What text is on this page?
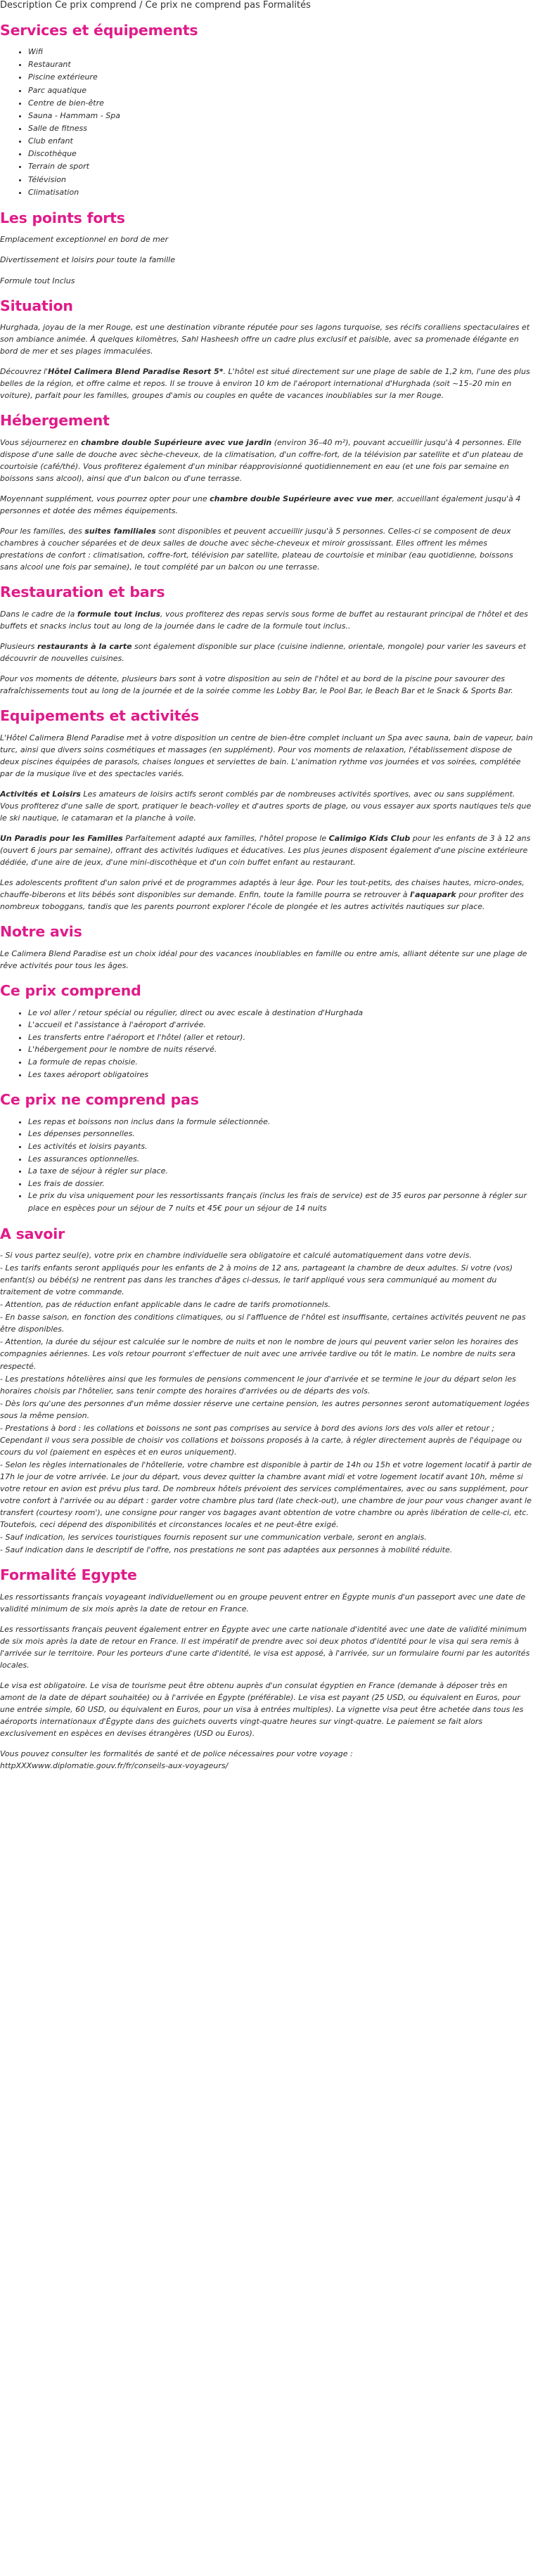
Description Ce prix comprend / Ce prix ne comprend pas Formalités
Services et équipements
• Wifi
• Restaurant
• Piscine extérieure
• Parc aquatique
• Centre de bien-être
• Sauna - Hammam - Spa
• Salle de fitness
• Club enfant
• Discothèque
• Terrain de sport
• Télévision
• Climatisation
Les points forts

Emplacement exceptionnel en bord de mer

Divertissement et loisirs pour toute la famille

Formule tout Inclus

Situation

Hurghada, joyau de la mer Rouge, est une destination vibrante réputée pour ses lagons turquoise, ses récifs coralliens spectaculaires et son ambiance animée. À quelques kilomètres, Sahl Hasheesh offre un cadre plus exclusif et paisible, avec sa promenade élégante en bord de mer et ses plages immaculées.

Découvrez l'Hôtel Calimera Blend Paradise Resort 5*. L'hôtel est situé directement sur une plage de sable de 1,2 km, l'une des plus belles de la région, et offre calme et repos. Il se trouve à environ 10 km de l'aéroport international d'Hurghada (soit ~15–20 min en voiture), parfait pour les familles, groupes d'amis ou couples en quête de vacances inoubliables sur la mer Rouge.

Hébergement

Vous séjournerez en chambre double Supérieure avec vue jardin (environ 36–40 m²), pouvant accueillir jusqu'à 4 personnes. Elle dispose d'une salle de douche avec sèche-cheveux, de la climatisation, d'un coffre-fort, de la télévision par satellite et d'un plateau de courtoisie (café/thé). Vous profiterez également d'un minibar réapprovisionné quotidiennement en eau (et une fois par semaine en boissons sans alcool), ainsi que d'un balcon ou d'une terrasse.

Moyennant supplément, vous pourrez opter pour une chambre double Supérieure avec vue mer, accueillant également jusqu'à 4 personnes et dotée des mêmes équipements.

Pour les familles, des suites familiales sont disponibles et peuvent accueillir jusqu'à 5 personnes. Celles-ci se composent de deux chambres à coucher séparées et de deux salles de douche avec sèche-cheveux et miroir grossissant. Elles offrent les mêmes prestations de confort : climatisation, coffre-fort, télévision par satellite, plateau de courtoisie et minibar (eau quotidienne, boissons sans alcool une fois par semaine), le tout complété par un balcon ou une terrasse.

Restauration et bars

Dans le cadre de la formule tout inclus, vous profiterez des repas servis sous forme de buffet au restaurant principal de l'hôtel et des buffets et snacks inclus tout au long de la journée dans le cadre de la formule tout inclus..

Plusieurs restaurants à la carte sont également disponible sur place (cuisine indienne, orientale, mongole) pour varier les saveurs et découvrir de nouvelles cuisines.

Pour vos moments de détente, plusieurs bars sont à votre disposition au sein de l'hôtel et au bord de la piscine pour savourer des rafraîchissements tout au long de la journée et de la soirée comme les Lobby Bar, le Pool Bar, le Beach Bar et le Snack & Sports Bar.

Equipements et activités

L'Hôtel Calimera Blend Paradise met à votre disposition un centre de bien-être complet incluant un Spa avec sauna, bain de vapeur, bain turc, ainsi que divers soins cosmétiques et massages (en supplément). Pour vos moments de relaxation, l'établissement dispose de deux piscines équipées de parasols, chaises longues et serviettes de bain. L'animation rythme vos journées et vos soirées, complétée par de la musique live et des spectacles variés.

Activités et Loisirs Les amateurs de loisirs actifs seront comblés par de nombreuses activités sportives, avec ou sans supplément. Vous profiterez d'une salle de sport, pratiquer le beach-volley et d'autres sports de plage, ou vous essayer aux sports nautiques tels que le ski nautique, le catamaran et la planche à voile.

Un Paradis pour les Familles Parfaitement adapté aux familles, l'hôtel propose le Calimigo Kids Club pour les enfants de 3 à 12 ans (ouvert 6 jours par semaine), offrant des activités ludiques et éducatives. Les plus jeunes disposent également d'une piscine extérieure dédiée, d'une aire de jeux, d'une mini-discothèque et d'un coin buffet enfant au restaurant.

Les adolescents profitent d'un salon privé et de programmes adaptés à leur âge. Pour les tout-petits, des chaises hautes, micro-ondes, chauffe-biberons et lits bébés sont disponibles sur demande. Enfin, toute la famille pourra se retrouver à l'aquapark pour profiter des nombreux toboggans, tandis que les parents pourront explorer l'école de plongée et les autres activités nautiques sur place.

Notre avis

Le Calimera Blend Paradise est un choix idéal pour des vacances inoubliables en famille ou entre amis, alliant détente sur une plage de rêve activités pour tous les âges.

Ce prix comprend
• Le vol aller / retour spécial ou régulier, direct ou avec escale à destination d'Hurghada
• L'accueil et l'assistance à l'aéroport d'arrivée.
• Les transferts entre l'aéroport et l'hôtel (aller et retour).
• L'hébergement pour le nombre de nuits réservé.
• La formule de repas choisie.
• Les taxes aéroport obligatoires
Ce prix ne comprend pas
• Les repas et boissons non inclus dans la formule sélectionnée.
• Les dépenses personnelles.
• Les activités et loisirs payants.
• Les assurances optionnelles.
• La taxe de séjour à régler sur place.
• Les frais de dossier.
• Le prix du visa uniquement pour les ressortissants français (inclus les frais de service) est de 35 euros par personne à régler sur place en espèces pour un séjour de 7 nuits et 45€ pour un séjour de 14 nuits
A savoir

- Si vous partez seul(e), votre prix en chambre individuelle sera obligatoire et calculé automatiquement dans votre devis.

- Les tarifs enfants seront appliqués pour les enfants de 2 à moins de 12 ans, partageant la chambre de deux adultes. Si votre (vos) enfant(s) ou bébé(s) ne rentrent pas dans les tranches d'âges ci-dessus, le tarif appliqué vous sera communiqué au moment du traitement de votre commande.

- Attention, pas de réduction enfant applicable dans le cadre de tarifs promotionnels.

- En basse saison, en fonction des conditions climatiques, ou si l'affluence de l'hôtel est insuffisante, certaines activités peuvent ne pas être disponibles.

- Attention, la durée du séjour est calculée sur le nombre de nuits et non le nombre de jours qui peuvent varier selon les horaires des compagnies aériennes. Les vols retour pourront s'effectuer de nuit avec une arrivée tardive ou tôt le matin. Le nombre de nuits sera respecté.

- Les prestations hôtelières ainsi que les formules de pensions commencent le jour d'arrivée et se termine le jour du départ selon les horaires choisis par l'hôtelier, sans tenir compte des horaires d'arrivées ou de départs des vols.

- Dès lors qu'une des personnes d'un même dossier réserve une certaine pension, les autres personnes seront automatiquement logées sous la même pension.

- Prestations à bord : les collations et boissons ne sont pas comprises au service à bord des avions lors des vols aller et retour ; Cependant il vous sera possible de choisir vos collations et boissons proposés à la carte, à régler directement auprès de l'équipage ou cours du vol (paiement en espèces et en euros uniquement).

- Selon les règles internationales de l'hôtellerie, votre chambre est disponible à partir de 14h ou 15h et votre logement locatif à partir de 17h le jour de votre arrivée. Le jour du départ, vous devez quitter la chambre avant midi et votre logement locatif avant 10h, même si votre retour en avion est prévu plus tard. De nombreux hôtels prévoient des services complémentaires, avec ou sans supplément, pour votre confort à l'arrivée ou au départ : garder votre chambre plus tard (late check-out), une chambre de jour pour vous changer avant le transfert (courtesy room'), une consigne pour ranger vos bagages avant obtention de votre chambre ou après libération de celle-ci, etc. Toutefois, ceci dépend des disponibilités et circonstances locales et ne peut-être exigé.

- Sauf indication, les services touristiques fournis reposent sur une communication verbale, seront en anglais.

- Sauf indication dans le descriptif de l'offre, nos prestations ne sont pas adaptées aux personnes à mobilité réduite.

Formalité Egypte

Les ressortissants français voyageant individuellement ou en groupe peuvent entrer en Égypte munis d'un passeport avec une date de validité minimum de six mois après la date de retour en France.

Les ressortissants français peuvent également entrer en Égypte avec une carte nationale d'identité avec une date de validité minimum de six mois après la date de retour en France. Il est impératif de prendre avec soi deux photos d'identité pour le visa qui sera remis à l'arrivée sur le territoire. Pour les porteurs d'une carte d'identité, le visa est apposé, à l'arrivée, sur un formulaire fourni par les autorités locales.

Le visa est obligatoire. Le visa de tourisme peut être obtenu auprès d'un consulat égyptien en France (demande à déposer très en amont de la date de départ souhaitée) ou à l'arrivée en Égypte (préférable). Le visa est payant (25 USD, ou équivalent en Euros, pour une entrée simple, 60 USD, ou équivalent en Euros, pour un visa à entrées multiples). La vignette visa peut être achetée dans tous les aéroports internationaux d'Égypte dans des guichets ouverts vingt-quatre heures sur vingt-quatre. Le paiement se fait alors exclusivement en espèces en devises étrangères (USD ou Euros).

Vous pouvez consulter les formalités de santé et de police nécessaires pour votre voyage :
httpXXXwww.diplomatie.gouv.fr/fr/conseils-aux-voyageurs/
